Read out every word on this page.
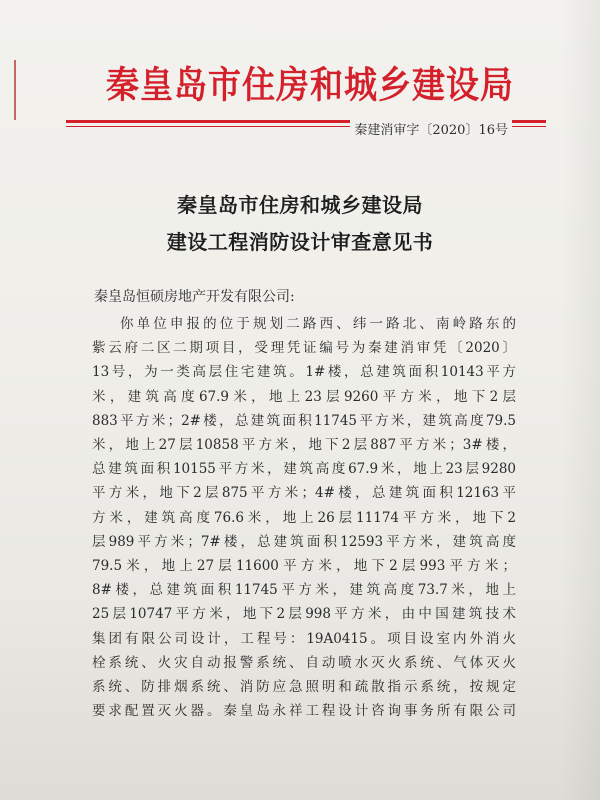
秦皇岛市住房和城乡建设局
秦建消审字〔2020〕16号
秦皇岛市住房和城乡建设局
建设工程消防设计审查意见书
秦皇岛恒硕房地产开发有限公司:
你单位申报的位于规划二路西、纬一路北、南岭路东的
紫云府二区二期项目，受理凭证编号为秦建消审凭〔2020〕
13号，为一类高层住宅建筑。1#楼，总建筑面积10143平方
米，建筑高度67.9米，地上23层9260平方米，地下2层
883平方米；2#楼，总建筑面积11745平方米，建筑高度79.5
米，地上27层10858平方米，地下2层887平方米；3#楼，
总建筑面积10155平方米，建筑高度67.9米，地上23层9280
平方米，地下2层875平方米；4#楼，总建筑面积12163平
方米，建筑高度76.6米，地上26层11174平方米，地下2
层989平方米；7#楼，总建筑面积12593平方米，建筑高度
79.5米，地上27层11600平方米，地下2层993平方米；
8#楼，总建筑面积11745平方米，建筑高度73.7米，地上
25层10747平方米，地下2层998平方米，由中国建筑技术
集团有限公司设计，工程号：19A0415。项目设室内外消火
栓系统、火灾自动报警系统、自动喷水灭火系统、气体灭火
系统、防排烟系统、消防应急照明和疏散指示系统，按规定
要求配置灭火器。秦皇岛永祥工程设计咨询事务所有限公司
